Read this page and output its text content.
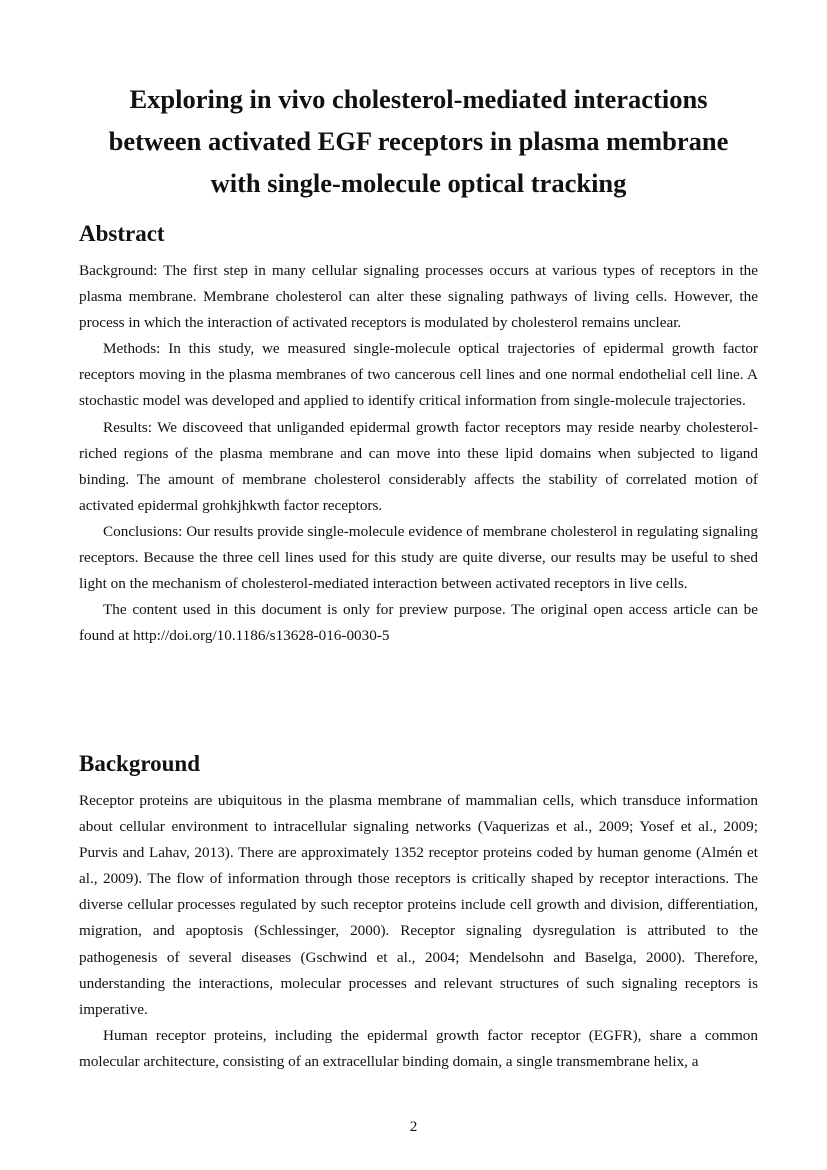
Exploring in vivo cholesterol-mediated interactions
between activated EGF receptors in plasma membrane
with single-molecule optical tracking
Abstract

Background: The first step in many cellular signaling processes occurs at various types of receptors in the plasma membrane. Membrane cholesterol can alter these signaling pathways of living cells. However, the process in which the interaction of activated receptors is modulated by cholesterol remains unclear.

Methods: In this study, we measured single-molecule optical trajectories of epidermal growth factor receptors moving in the plasma membranes of two cancerous cell lines and one normal endothelial cell line. A stochastic model was developed and applied to identify critical information from single-molecule trajectories.

Results: We discoveed that unliganded epidermal growth factor receptors may reside nearby cholesterol-riched regions of the plasma membrane and can move into these lipid domains when subjected to ligand binding. The amount of membrane cholesterol considerably affects the stability of correlated motion of activated epidermal grohkjhkwth factor receptors.

Conclusions: Our results provide single-molecule evidence of membrane cholesterol in regulating signaling receptors. Because the three cell lines used for this study are quite diverse, our results may be useful to shed light on the mechanism of cholesterol-mediated interaction between activated receptors in live cells.

The content used in this document is only for preview purpose. The original open access article can be found at http://doi.org/10.1186/s13628-016-0030-5

Background

Receptor proteins are ubiquitous in the plasma membrane of mammalian cells, which transduce information about cellular environment to intracellular signaling networks (Vaquerizas et al., 2009; Yosef et al., 2009; Purvis and Lahav, 2013). There are approximately 1352 receptor proteins coded by human genome (Almén et al., 2009). The flow of information through those receptors is critically shaped by receptor interactions. The diverse cellular processes regulated by such receptor proteins include cell growth and division, differentiation, migration, and apoptosis (Schlessinger, 2000). Receptor signaling dysregulation is attributed to the pathogenesis of several diseases (Gschwind et al., 2004; Mendelsohn and Baselga, 2000). Therefore, understanding the interactions, molecular processes and relevant structures of such signaling receptors is imperative.

Human receptor proteins, including the epidermal growth factor receptor (EGFR), share a common molecular architecture, consisting of an extracellular binding domain, a single transmembrane helix, a

2
